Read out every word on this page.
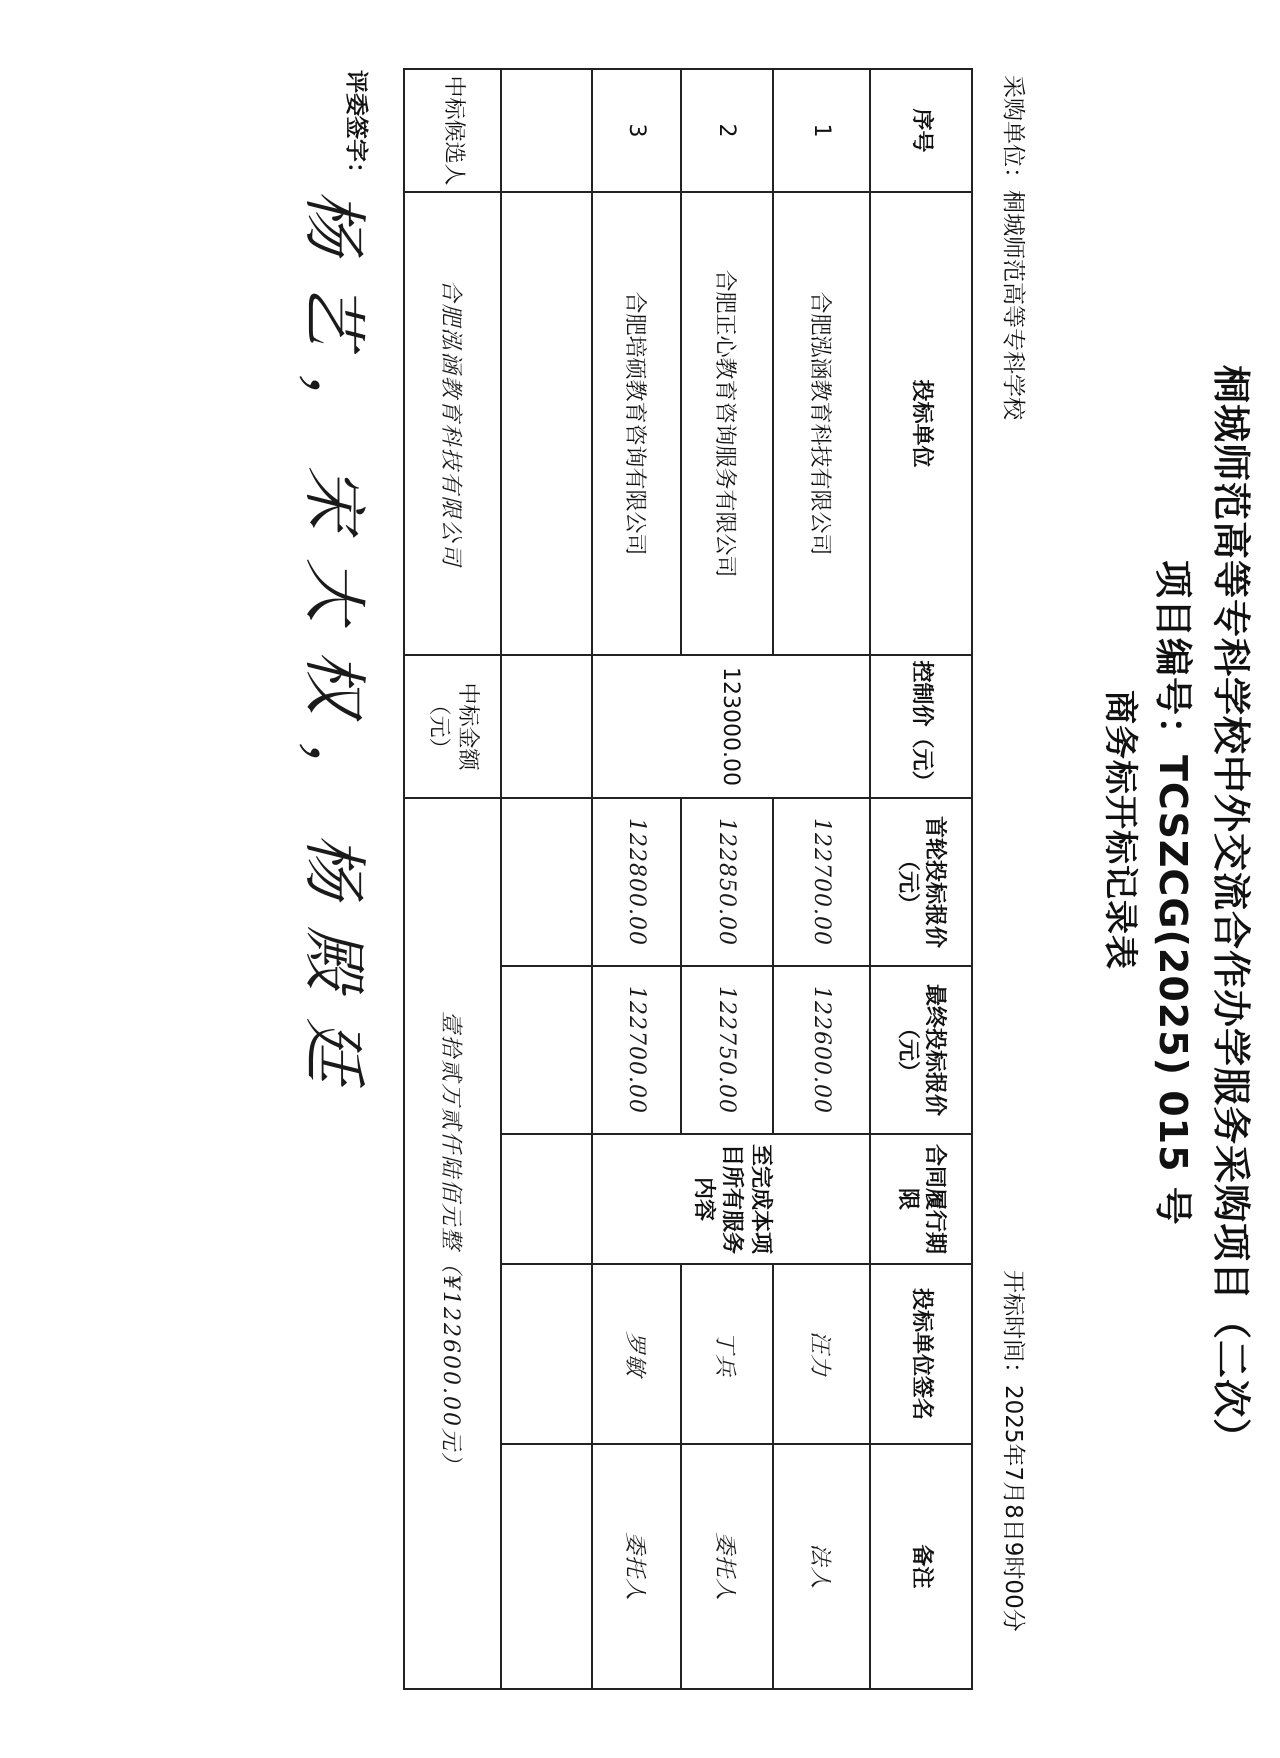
桐城师范高等专科学校中外交流合作办学服务采购项目（二次）
项目编号：TCSZCG(2025) 015 号
商务标开标记录表
采购单位：桐城师范高等专科学校
开标时间：2025年7月8日9时00分
序号	投标单位	控制价（元）	首轮投标报价（元）	最终投标报价（元）	合同履行期限	投标单位签名	备注
1	合肥泓涵教育科技有限公司	123000.00	122700.00	122600.00	至完成本项目所有服务内容	汪力	法人
2	合肥正心教育咨询服务有限公司		122850.00	122750.00		丁兵	委托人
3	合肥培硕教育咨询有限公司		122800.00	122700.00		罗敏	委托人

中标候选人	合肥泓涵教育科技有限公司	中标金额（元）	壹拾贰万贰仟陆佰元整（¥122600.00元）				
评委签字：
杨艺，宋大权，杨殿廷
